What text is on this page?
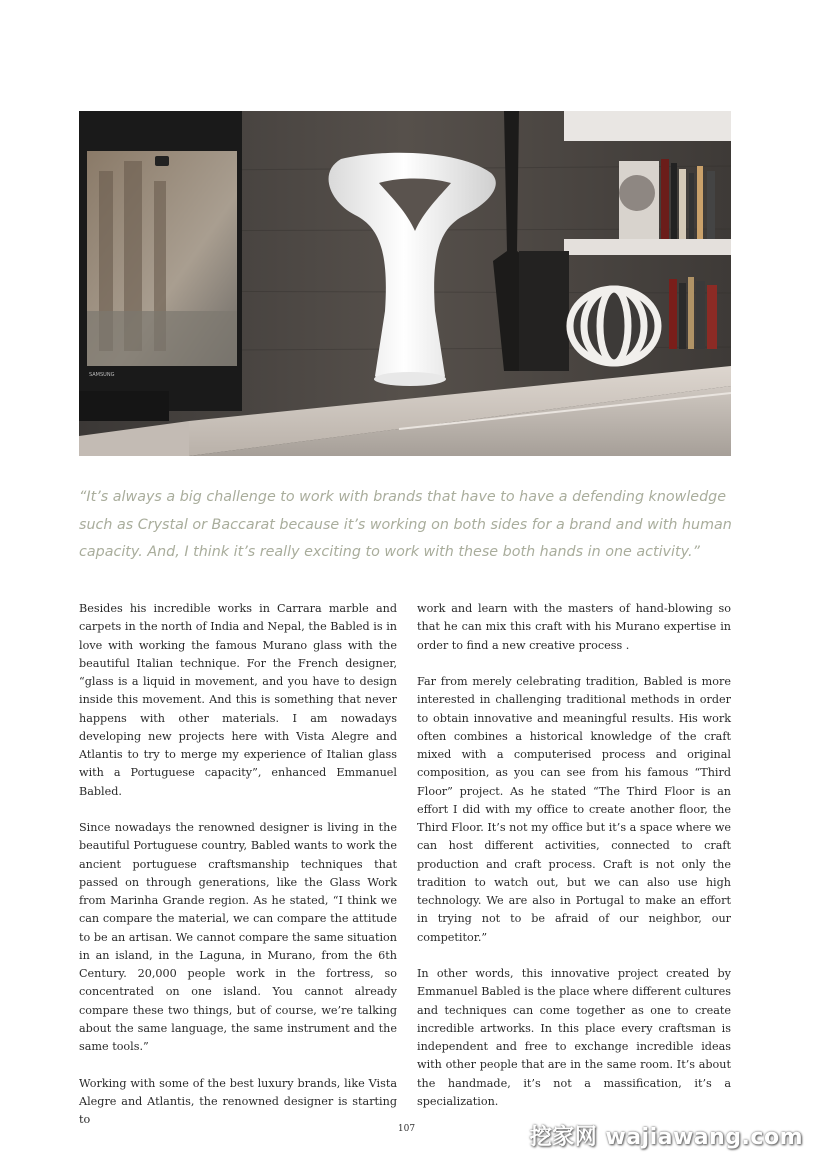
SAMSUNG

“It’s always a big challenge to work with brands that have to have a defending knowledge such as Crystal or Baccarat because it’s working on both sides for a brand and with human capacity. And, I think it’s really exciting to work with these both hands in one activity.”

Besides his incredible works in Carrara marble and carpets in the north of India and Nepal, the Babled is in love with working the famous Murano glass with the beautiful Italian technique. For the French designer, “glass is a liquid in movement, and you have to design inside this movement. And this is something that never happens with other materials. I am nowadays developing new projects here with Vista Alegre and Atlantis to try to merge my experience of Italian glass with a Portuguese capacity”, enhanced Emmanuel Babled.

Since nowadays the renowned designer is living in the beautiful Portuguese country, Babled wants to work the ancient portuguese craftsmanship techniques that passed on through generations, like the Glass Work from Marinha Grande region. As he stated, “I think we can compare the material, we can compare the attitude to be an artisan. We cannot compare the same situation in an island, in the Laguna, in Murano, from the 6th Century. 20,000 people work in the fortress, so concentrated on one island. You cannot already compare these two things, but of course, we’re talking about the same language, the same instrument and the same tools.”

Working with some of the best luxury brands, like Vista Alegre and Atlantis, the renowned designer is starting to

work and learn with the masters of hand-blowing so that he can mix this craft with his Murano expertise in order to find a new creative process .

Far from merely celebrating tradition, Babled is more interested in challenging traditional methods in order to obtain innovative and meaningful results. His work often combines a historical knowledge of the craft mixed with a computerised process and original composition, as you can see from his famous “Third Floor” project. As he stated “The Third Floor is an effort I did with my office to create another floor, the Third Floor. It’s not my office but it’s a space where we can host different activities, connected to craft production and craft process. Craft is not only the tradition to watch out, but we can also use high technology. We are also in Portugal to make an effort in trying not to be afraid of our neighbor, our competitor.”

In other words, this innovative project created by Emmanuel Babled is the place where different cultures and techniques can come together as one to create incredible artworks. In this place every craftsman is independent and free to exchange incredible ideas with other people that are in the same room. It’s about the handmade, it’s not a massification, it’s a specialization.

107	挖家网 wajiawang.com
